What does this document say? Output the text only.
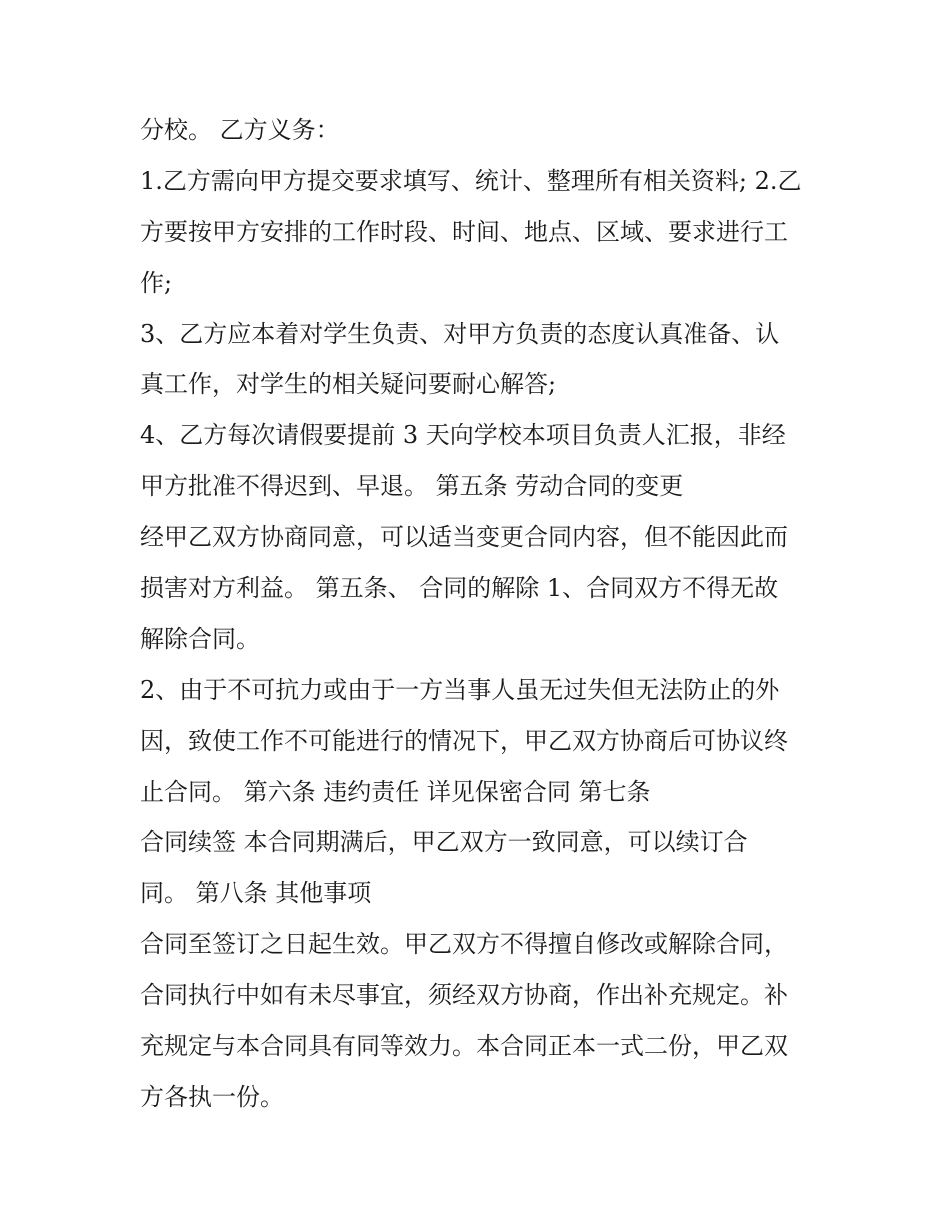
分校。 乙方义务：
1.乙方需向甲方提交要求填写、统计、整理所有相关资料; 2.乙
方要按甲方安排的工作时段、时间、地点、区域、要求进行工
作;
3、乙方应本着对学生负责、对甲方负责的态度认真准备、认
真工作，对学生的相关疑问要耐心解答;
4、乙方每次请假要提前 3 天向学校本项目负责人汇报，非经
甲方批准不得迟到、早退。 第五条 劳动合同的变更
经甲乙双方协商同意，可以适当变更合同内容，但不能因此而
损害对方利益。 第五条、 合同的解除 1、合同双方不得无故
解除合同。
2、由于不可抗力或由于一方当事人虽无过失但无法防止的外
因，致使工作不可能进行的情况下，甲乙双方协商后可协议终
止合同。 第六条 违约责任 详见保密合同 第七条
合同续签 本合同期满后，甲乙双方一致同意，可以续订合
同。 第八条 其他事项
合同至签订之日起生效。甲乙双方不得擅自修改或解除合同，
合同执行中如有未尽事宜，须经双方协商，作出补充规定。补
充规定与本合同具有同等效力。本合同正本一式二份，甲乙双
方各执一份。
